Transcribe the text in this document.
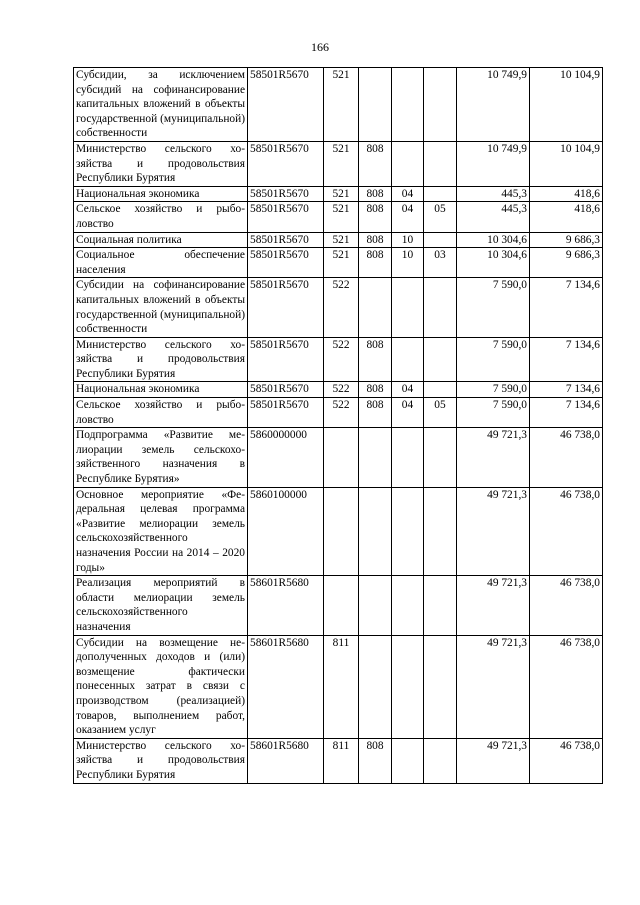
166
Субсидии, за исключением субсидий на софинансирование капитальных вложений в объекты государственной (муниципальной) собственности	58501R5670	521				10 749,9	10 104,9
Министерство сельского хозяйства и продовольствия Республики Бурятия	58501R5670	521	808			10 749,9	10 104,9
Национальная экономика	58501R5670	521	808	04		445,3	418,6
Сельское хозяйство и рыболовство	58501R5670	521	808	04	05	445,3	418,6
Социальная политика	58501R5670	521	808	10		10 304,6	9 686,3
Социальное обеспечение населения	58501R5670	521	808	10	03	10 304,6	9 686,3
Субсидии на софинансирование капитальных вложений в объекты государственной (муниципальной) собственности	58501R5670	522				7 590,0	7 134,6
Министерство сельского хозяйства и продовольствия Республики Бурятия	58501R5670	522	808			7 590,0	7 134,6
Национальная экономика	58501R5670	522	808	04		7 590,0	7 134,6
Сельское хозяйство и рыболовство	58501R5670	522	808	04	05	7 590,0	7 134,6
Подпрограмма «Развитие мелиорации земель сельскохозяйственного назначения в Республике Бурятия»	5860000000					49 721,3	46 738,0
Основное мероприятие «Федеральная целевая программа «Развитие мелиорации земель сельскохозяйственного назначения России на 2014 – 2020 годы»	5860100000					49 721,3	46 738,0
Реализация мероприятий в области мелиорации земель сельскохозяйственного назначения	58601R5680					49 721,3	46 738,0
Субсидии на возмещение недополученных доходов и (или) возмещение фактически понесенных затрат в связи с производством (реализацией) товаров, выполнением работ, оказанием услуг	58601R5680	811				49 721,3	46 738,0
Министерство сельского хозяйства и продовольствия Республики Бурятия	58601R5680	811	808			49 721,3	46 738,0
